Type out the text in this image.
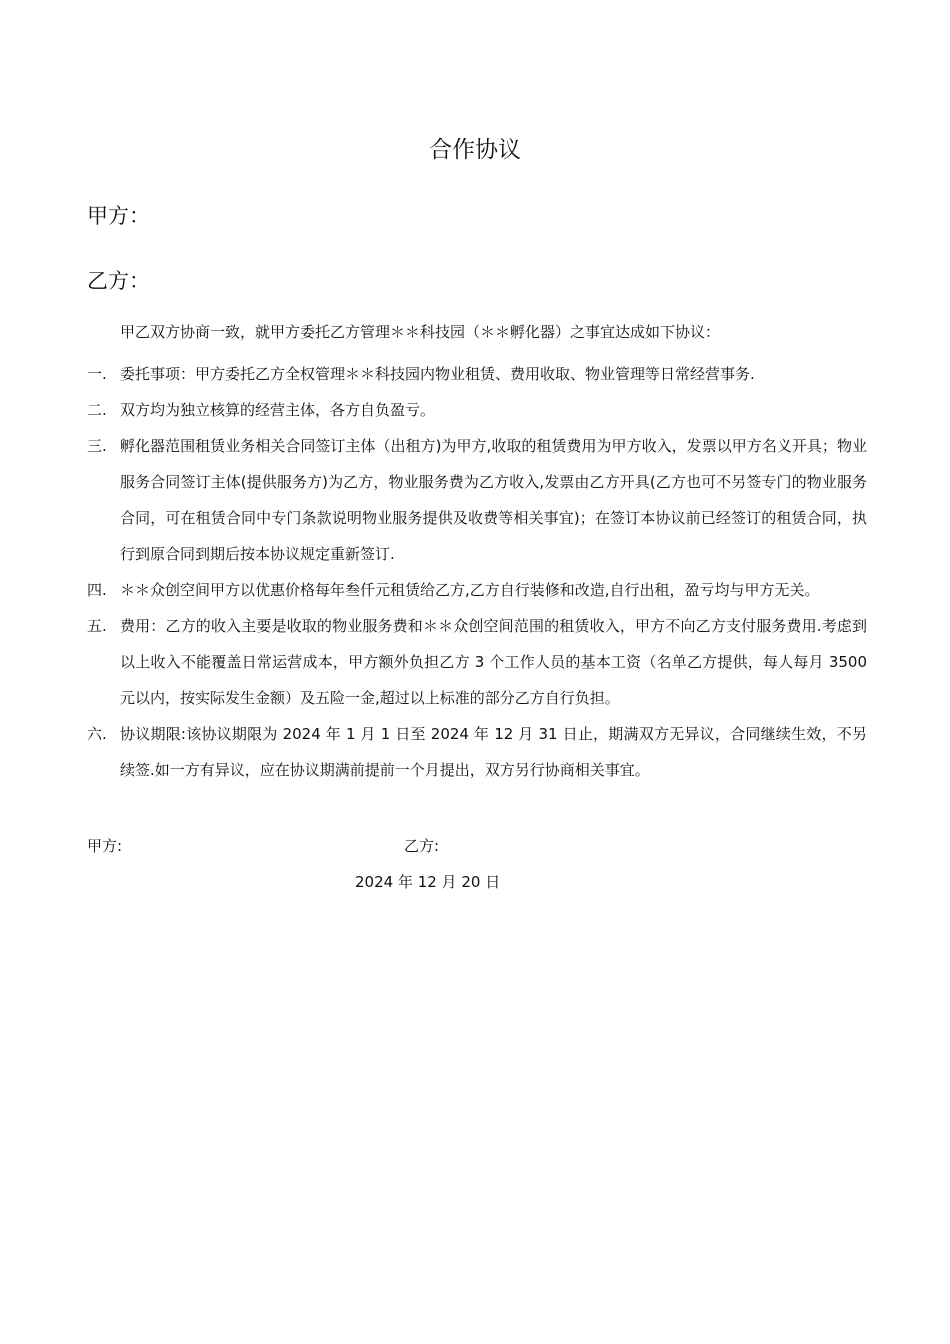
合作协议
甲方：
乙方：
甲乙双方协商一致，就甲方委托乙方管理＊＊科技园（＊＊孵化器）之事宜达成如下协议：
一. 委托事项：甲方委托乙方全权管理＊＊科技园内物业租赁、费用收取、物业管理等日常经营事务.
二. 双方均为独立核算的经营主体，各方自负盈亏。
三. 孵化器范围租赁业务相关合同签订主体（出租方)为甲方,收取的租赁费用为甲方收入，发票以甲方名义开具；物业服务合同签订主体(提供服务方)为乙方，物业服务费为乙方收入,发票由乙方开具(乙方也可不另签专门的物业服务合同，可在租赁合同中专门条款说明物业服务提供及收费等相关事宜)；在签订本协议前已经签订的租赁合同，执行到原合同到期后按本协议规定重新签订.
四. ＊＊众创空间甲方以优惠价格每年叁仟元租赁给乙方,乙方自行装修和改造,自行出租，盈亏均与甲方无关。
五. 费用：乙方的收入主要是收取的物业服务费和＊＊众创空间范围的租赁收入，甲方不向乙方支付服务费用.考虑到以上收入不能覆盖日常运营成本，甲方额外负担乙方 3 个工作人员的基本工资（名单乙方提供，每人每月 3500 元以内，按实际发生金额）及五险一金,超过以上标准的部分乙方自行负担。
六. 协议期限:该协议期限为 2024 年 1 月 1 日至 2024 年 12 月 31 日止，期满双方无异议，合同继续生效，不另续签.如一方有异议，应在协议期满前提前一个月提出，双方另行协商相关事宜。
甲方:	乙方:
2024 年 12 月 20 日
